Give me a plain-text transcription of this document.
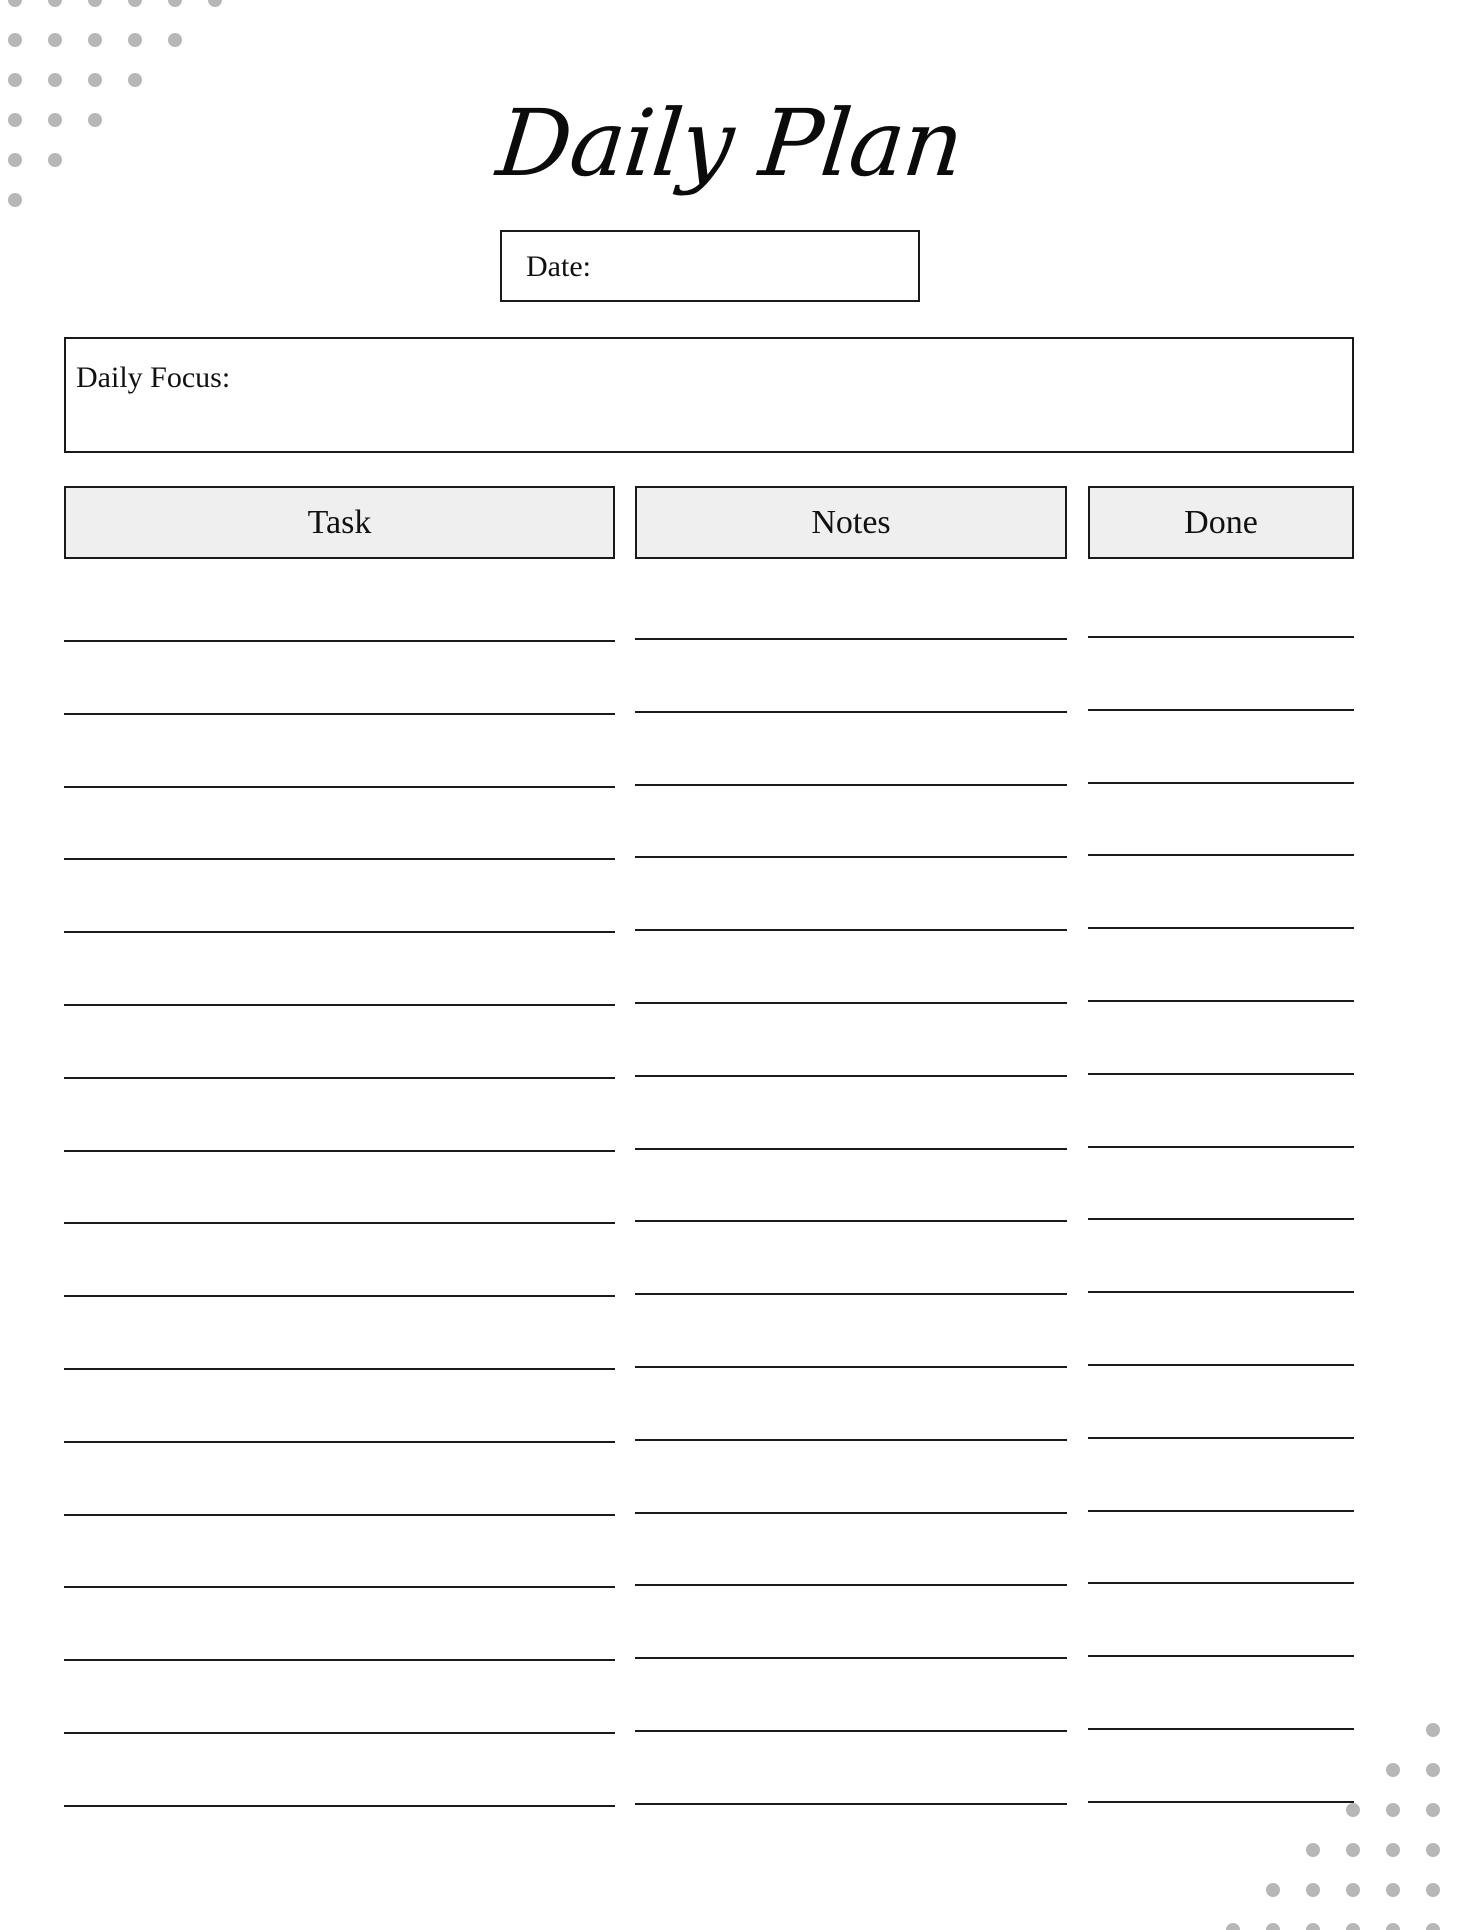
Daily Plan
Date:
Daily Focus:
Task	Notes	Done
